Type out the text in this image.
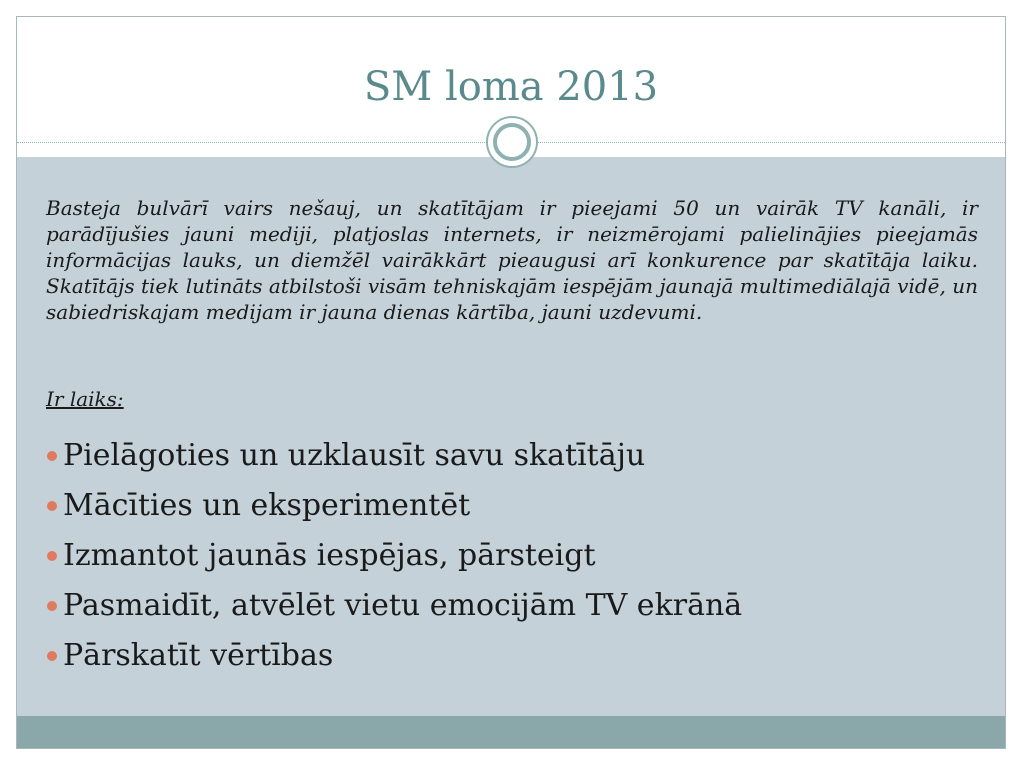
SM loma 2013

Basteja bulvārī vairs nešauj, un skatītājam ir pieejami 50 un vairāk TV kanāli, ir parādījušies jauni mediji, platjoslas internets, ir neizmērojami palielinājies pieejamās informācijas lauks, un diemžēl vairākkārt pieaugusi arī konkurence par skatītāja laiku. Skatītājs tiek lutināts atbilstoši visām tehniskajām iespējām jaunajā multimediālajā vidē, un sabiedriskajam medijam ir jauna dienas kārtība, jauni uzdevumi.

Ir laiks:
Pielāgoties un uzklausīt savu skatītāju
Mācīties un eksperimentēt
Izmantot jaunās iespējas, pārsteigt
Pasmaidīt, atvēlēt vietu emocijām TV ekrānā
Pārskatīt vērtības
